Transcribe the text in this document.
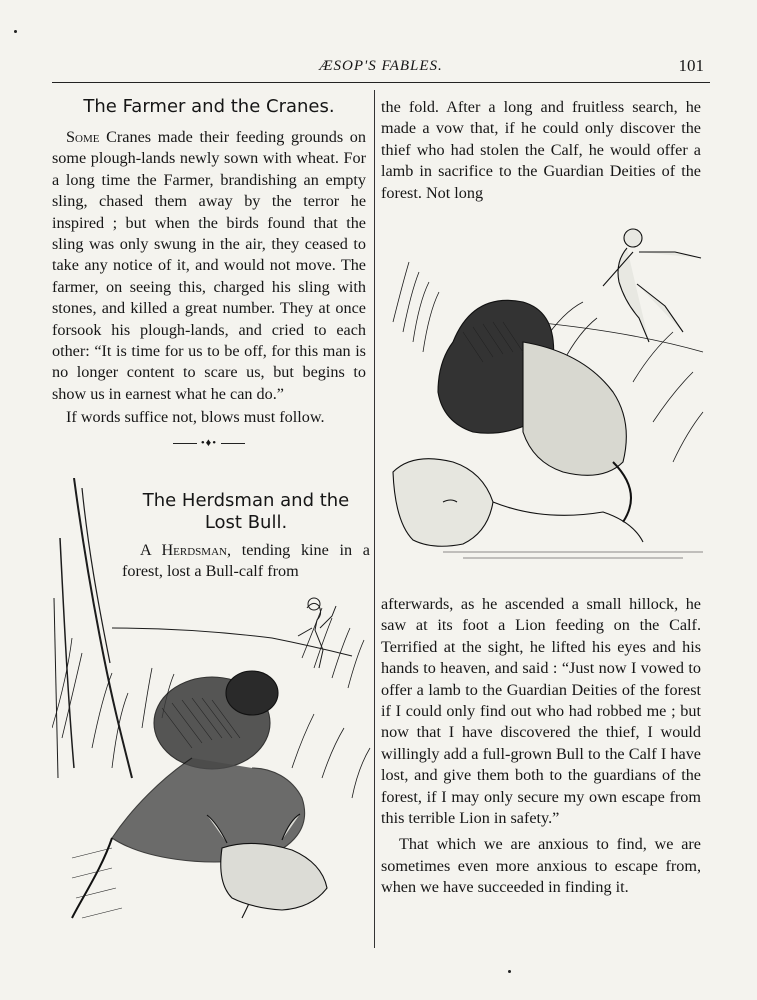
ÆSOP'S FABLES.	101
The Farmer and the Cranes.

Some Cranes made their feeding grounds on some plough-lands newly sown with wheat. For a long time the Farmer, brandishing an empty sling, chased them away by the terror he inspired ; but when the birds found that the sling was only swung in the air, they ceased to take any notice of it, and would not move. The farmer, on seeing this, charged his sling with stones, and killed a great number. They at once forsook his plough-lands, and cried to each other: “It is time for us to be off, for this man is no longer content to scare us, but begins to show us in earnest what he can do.”

If words suffice not, blows must follow.

•♦•
The Herdsman and the
Lost Bull.

A Herdsman, tending kine in a forest, lost a Bull-calf from

the fold. After a long and fruitless search, he made a vow that, if he could only discover the thief who had stolen the Calf, he would offer a lamb in sacrifice to the Guardian Deities of the forest. Not long

afterwards, as he ascended a small hillock, he saw at its foot a Lion feeding on the Calf. Terrified at the sight, he lifted his eyes and his hands to heaven, and said : “Just now I vowed to offer a lamb to the Guardian Deities of the forest if I could only find out who had robbed me ; but now that I have discovered the thief, I would willingly add a full-grown Bull to the Calf I have lost, and give them both to the guardians of the forest, if I may only secure my own escape from this terrible Lion in safety.”

That which we are anxious to find, we are sometimes even more anxious to escape from, when we have succeeded in finding it.
